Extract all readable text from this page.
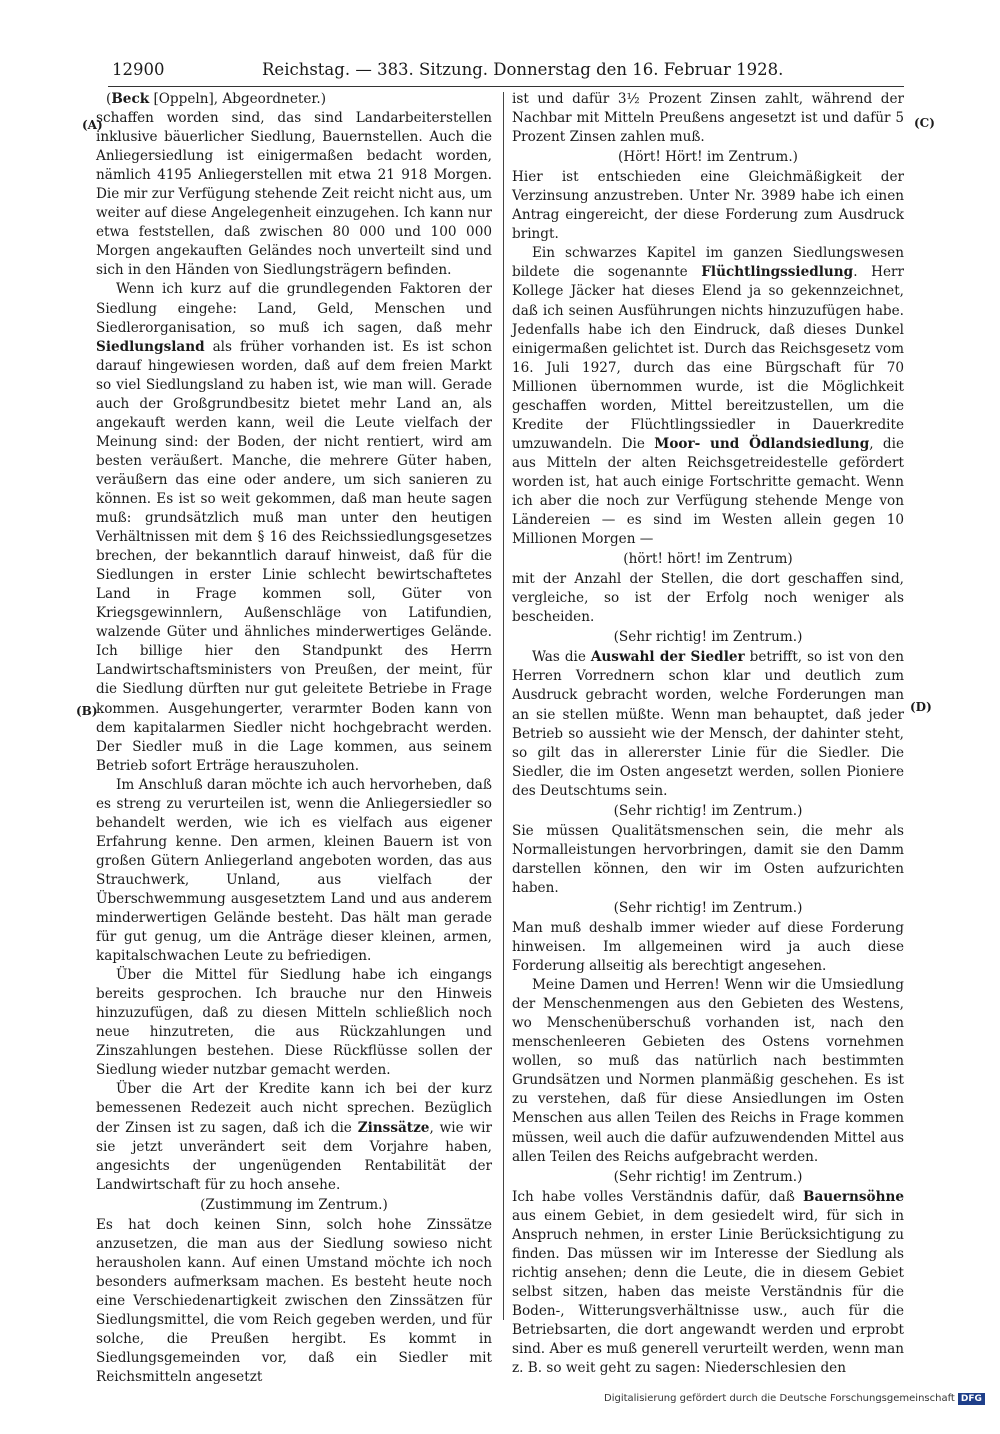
12900	Reichstag. — 383. Sitzung. Donnerstag den 16. Februar 1928.
(A)
(B)
(C)
(D)

(Beck [Oppeln], Abgeordneter.)

schaffen worden sind, das sind Landarbeiterstellen inklusive bäuerlicher Siedlung, Bauernstellen. Auch die Anliegersiedlung ist einigermaßen bedacht worden, nämlich 4195 Anliegerstellen mit etwa 21 918 Morgen. Die mir zur Verfügung stehende Zeit reicht nicht aus, um weiter auf diese Angelegenheit einzugehen. Ich kann nur etwa feststellen, daß zwischen 80 000 und 100 000 Morgen angekauften Geländes noch unverteilt sind und sich in den Händen von Siedlungsträgern befinden.

Wenn ich kurz auf die grundlegenden Faktoren der Siedlung eingehe: Land, Geld, Menschen und Siedlerorganisation, so muß ich sagen, daß mehr Siedlungsland als früher vorhanden ist. Es ist schon darauf hingewiesen worden, daß auf dem freien Markt so viel Siedlungsland zu haben ist, wie man will. Gerade auch der Großgrundbesitz bietet mehr Land an, als angekauft werden kann, weil die Leute vielfach der Meinung sind: der Boden, der nicht rentiert, wird am besten veräußert. Manche, die mehrere Güter haben, veräußern das eine oder andere, um sich sanieren zu können. Es ist so weit gekommen, daß man heute sagen muß: grundsätzlich muß man unter den heutigen Verhältnissen mit dem § 16 des Reichssiedlungsgesetzes brechen, der bekanntlich darauf hinweist, daß für die Siedlungen in erster Linie schlecht bewirtschaftetes Land in Frage kommen soll, Güter von Kriegsgewinnlern, Außenschläge von Latifundien, walzende Güter und ähnliches minderwertiges Gelände. Ich billige hier den Standpunkt des Herrn Landwirtschaftsministers von Preußen, der meint, für die Siedlung dürften nur gut geleitete Betriebe in Frage kommen. Ausgehungerter, verarmter Boden kann von dem kapitalarmen Siedler nicht hochgebracht werden. Der Siedler muß in die Lage kommen, aus seinem Betrieb sofort Erträge herauszuholen.

Im Anschluß daran möchte ich auch hervorheben, daß es streng zu verurteilen ist, wenn die Anliegersiedler so behandelt werden, wie ich es vielfach aus eigener Erfahrung kenne. Den armen, kleinen Bauern ist von großen Gütern Anliegerland angeboten worden, das aus Strauchwerk, Unland, aus vielfach der Überschwemmung ausgesetztem Land und aus anderem minderwertigen Gelände besteht. Das hält man gerade für gut genug, um die Anträge dieser kleinen, armen, kapitalschwachen Leute zu befriedigen.

Über die Mittel für Siedlung habe ich eingangs bereits gesprochen. Ich brauche nur den Hinweis hinzuzufügen, daß zu diesen Mitteln schließlich noch neue hinzutreten, die aus Rückzahlungen und Zinszahlungen bestehen. Diese Rückflüsse sollen der Siedlung wieder nutzbar gemacht werden.

Über die Art der Kredite kann ich bei der kurz bemessenen Redezeit auch nicht sprechen. Bezüglich der Zinsen ist zu sagen, daß ich die Zinssätze, wie wir sie jetzt unverändert seit dem Vorjahre haben, angesichts der ungenügenden Rentabilität der Landwirtschaft für zu hoch ansehe.

(Zustimmung im Zentrum.)

Es hat doch keinen Sinn, solch hohe Zinssätze anzusetzen, die man aus der Siedlung sowieso nicht herausholen kann. Auf einen Umstand möchte ich noch besonders aufmerksam machen. Es besteht heute noch eine Verschiedenartigkeit zwischen den Zinssätzen für Siedlungsmittel, die vom Reich gegeben werden, und für solche, die Preußen hergibt. Es kommt in Siedlungsgemeinden vor, daß ein Siedler mit Reichsmitteln angesetzt

ist und dafür 3½ Prozent Zinsen zahlt, während der Nachbar mit Mitteln Preußens angesetzt ist und dafür 5 Prozent Zinsen zahlen muß.

(Hört! Hört! im Zentrum.)

Hier ist entschieden eine Gleichmäßigkeit der Verzinsung anzustreben. Unter Nr. 3989 habe ich einen Antrag eingereicht, der diese Forderung zum Ausdruck bringt.

Ein schwarzes Kapitel im ganzen Siedlungswesen bildete die sogenannte Flüchtlingssiedlung. Herr Kollege Jäcker hat dieses Elend ja so gekennzeichnet, daß ich seinen Ausführungen nichts hinzuzufügen habe. Jedenfalls habe ich den Eindruck, daß dieses Dunkel einigermaßen gelichtet ist. Durch das Reichsgesetz vom 16. Juli 1927, durch das eine Bürgschaft für 70 Millionen übernommen wurde, ist die Möglichkeit geschaffen worden, Mittel bereitzustellen, um die Kredite der Flüchtlingssiedler in Dauerkredite umzuwandeln. Die Moor- und Ödlandsiedlung, die aus Mitteln der alten Reichsgetreidestelle gefördert worden ist, hat auch einige Fortschritte gemacht. Wenn ich aber die noch zur Verfügung stehende Menge von Ländereien — es sind im Westen allein gegen 10 Millionen Morgen —

(hört! hört! im Zentrum)

mit der Anzahl der Stellen, die dort geschaffen sind, vergleiche, so ist der Erfolg noch weniger als bescheiden.

(Sehr richtig! im Zentrum.)

Was die Auswahl der Siedler betrifft, so ist von den Herren Vorrednern schon klar und deutlich zum Ausdruck gebracht worden, welche Forderungen man an sie stellen müßte. Wenn man behauptet, daß jeder Betrieb so aussieht wie der Mensch, der dahinter steht, so gilt das in allererster Linie für die Siedler. Die Siedler, die im Osten angesetzt werden, sollen Pioniere des Deutschtums sein.

(Sehr richtig! im Zentrum.)

Sie müssen Qualitätsmenschen sein, die mehr als Normalleistungen hervorbringen, damit sie den Damm darstellen können, den wir im Osten aufzurichten haben.

(Sehr richtig! im Zentrum.)

Man muß deshalb immer wieder auf diese Forderung hinweisen. Im allgemeinen wird ja auch diese Forderung allseitig als berechtigt angesehen.

Meine Damen und Herren! Wenn wir die Umsiedlung der Menschenmengen aus den Gebieten des Westens, wo Menschenüberschuß vorhanden ist, nach den menschenleeren Gebieten des Ostens vornehmen wollen, so muß das natürlich nach bestimmten Grundsätzen und Normen planmäßig geschehen. Es ist zu verstehen, daß für diese Ansiedlungen im Osten Menschen aus allen Teilen des Reichs in Frage kommen müssen, weil auch die dafür aufzuwendenden Mittel aus allen Teilen des Reichs aufgebracht werden.

(Sehr richtig! im Zentrum.)

Ich habe volles Verständnis dafür, daß Bauernsöhne aus einem Gebiet, in dem gesiedelt wird, für sich in Anspruch nehmen, in erster Linie Berücksichtigung zu finden. Das müssen wir im Interesse der Siedlung als richtig ansehen; denn die Leute, die in diesem Gebiet selbst sitzen, haben das meiste Verständnis für die Boden-, Witterungsverhältnisse usw., auch für die Betriebsarten, die dort angewandt werden und erprobt sind. Aber es muß generell verurteilt werden, wenn man z. B. so weit geht zu sagen: Niederschlesien den

Digitalisierung gefördert durch die Deutsche Forschungsgemeinschaft DFG
